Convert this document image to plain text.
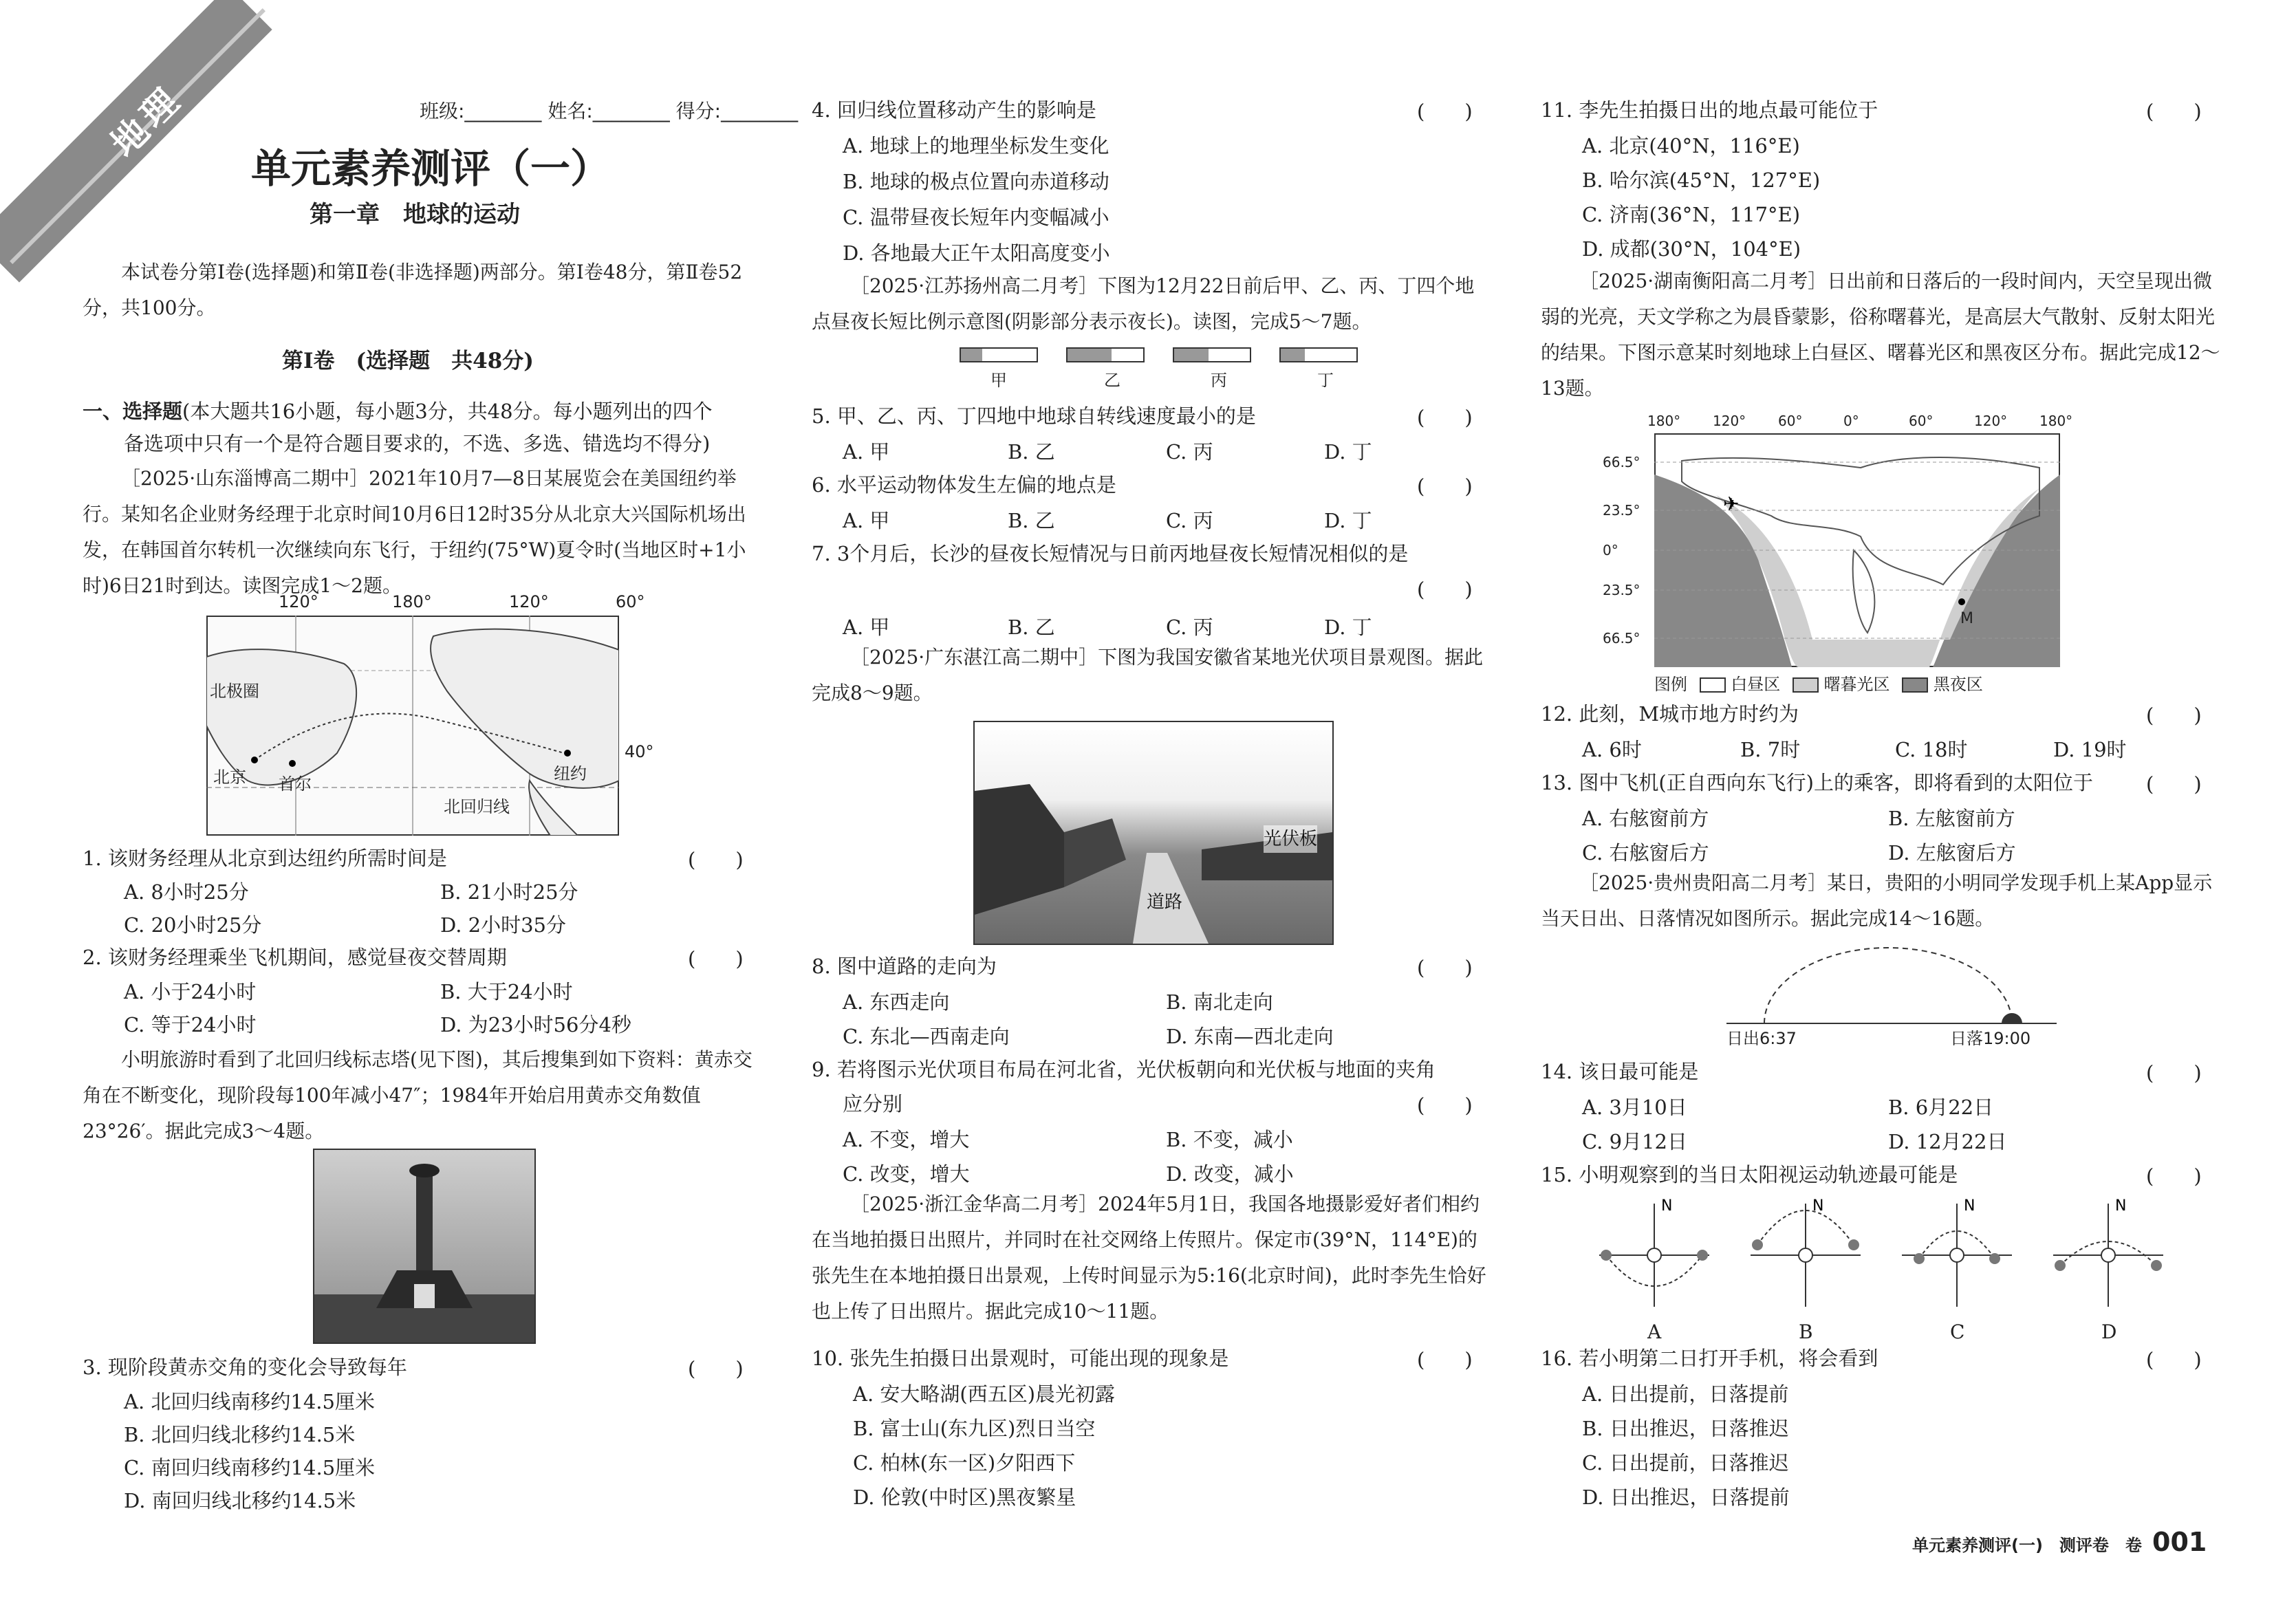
地理	班级:________ 姓名:________ 得分:________
单元素养测评（一）
第一章　地球的运动
本试卷分第Ⅰ卷(选择题)和第Ⅱ卷(非选择题)两部分。第Ⅰ卷48分，第Ⅱ卷52分，共100分。
第Ⅰ卷　(选择题　共48分)
一、选择题(本大题共16小题，每小题3分，共48分。每小题列出的四个
备选项中只有一个是符合题目要求的，不选、多选、错选均不得分)
［2025·山东淄博高二期中］2021年10月7—8日某展览会在美国纽约举行。某知名企业财务经理于北京时间10月6日12时35分从北京大兴国际机场出发，在韩国首尔转机一次继续向东飞行，于纽约(75°W)夏令时(当地区时+1小时)6日21时到达。读图完成1～2题。
120°	180°	120°	60°
北极圈
北京 首尔
纽约
北回归线
40°
1. 该财务经理从北京到达纽约所需时间是	(　　)
A. 8小时25分	B. 21小时25分
C. 20小时25分	D. 2小时35分
2. 该财务经理乘坐飞机期间，感觉昼夜交替周期	(　　)
A. 小于24小时	B. 大于24小时
C. 等于24小时	D. 为23小时56分4秒
小明旅游时看到了北回归线标志塔(见下图)，其后搜集到如下资料：黄赤交角在不断变化，现阶段每100年减小47″；1984年开始启用黄赤交角数值23°26′。据此完成3～4题。
3. 现阶段黄赤交角的变化会导致每年	(　　)
A. 北回归线南移约14.5厘米
B. 北回归线北移约14.5米
C. 南回归线南移约14.5厘米
D. 南回归线北移约14.5米
4. 回归线位置移动产生的影响是	(　　)
A. 地球上的地理坐标发生变化
B. 地球的极点位置向赤道移动
C. 温带昼夜长短年内变幅减小
D. 各地最大正午太阳高度变小
［2025·江苏扬州高二月考］下图为12月22日前后甲、乙、丙、丁四个地点昼夜长短比例示意图(阴影部分表示夜长)。读图，完成5～7题。
甲	乙	丙	丁
5. 甲、乙、丙、丁四地中地球自转线速度最小的是	(　　)
A. 甲	B. 乙	C. 丙	D. 丁
6. 水平运动物体发生左偏的地点是	(　　)
A. 甲	B. 乙	C. 丙	D. 丁
7. 3个月后，长沙的昼夜长短情况与日前丙地昼夜长短情况相似的是
(　　)
A. 甲	B. 乙	C. 丙	D. 丁
［2025·广东湛江高二期中］下图为我国安徽省某地光伏项目景观图。据此完成8～9题。
光伏板
道路
8. 图中道路的走向为	(　　)
A. 东西走向	B. 南北走向
C. 东北—西南走向	D. 东南—西北走向
9. 若将图示光伏项目布局在河北省，光伏板朝向和光伏板与地面的夹角
应分别	(　　)
A. 不变，增大	B. 不变，减小
C. 改变，增大	D. 改变，减小
［2025·浙江金华高二月考］2024年5月1日，我国各地摄影爱好者们相约在当地拍摄日出照片，并同时在社交网络上传照片。保定市(39°N，114°E)的张先生在本地拍摄日出景观，上传时间显示为5:16(北京时间)，此时李先生恰好也上传了日出照片。据此完成10～11题。
10. 张先生拍摄日出景观时，可能出现的现象是	(　　)
A. 安大略湖(西五区)晨光初露
B. 富士山(东九区)烈日当空
C. 柏林(东一区)夕阳西下
D. 伦敦(中时区)黑夜繁星
11. 李先生拍摄日出的地点最可能位于	(　　)
A. 北京(40°N，116°E)
B. 哈尔滨(45°N，127°E)
C. 济南(36°N，117°E)
D. 成都(30°N，104°E)
［2025·湖南衡阳高二月考］日出前和日落后的一段时间内，天空呈现出微弱的光亮，天文学称之为晨昏蒙影，俗称曙暮光，是高层大气散射、反射太阳光的结果。下图示意某时刻地球上白昼区、曙暮光区和黑夜区分布。据此完成12～13题。
180° 120° 60°	0°	60°	120° 180°
66.5°
23.5°
0°
23.5°
66.5°
✈
M
图例	白昼区	曙暮光区	黑夜区
12. 此刻，M城市地方时约为	(　　)
A. 6时	B. 7时	C. 18时	D. 19时
13. 图中飞机(正自西向东飞行)上的乘客，即将看到的太阳位于	(　　)
A. 右舷窗前方	B. 左舷窗前方
C. 右舷窗后方	D. 左舷窗后方
［2025·贵州贵阳高二月考］某日，贵阳的小明同学发现手机上某App显示当天日出、日落情况如图所示。据此完成14～16题。
日出6:37	日落19:00
14. 该日最可能是	(　　)
A. 3月10日	B. 6月22日
C. 9月12日	D. 12月22日
15. 小明观察到的当日太阳视运动轨迹最可能是	(　　)
N
A
N
B
N
C
N
D
16. 若小明第二日打开手机，将会看到	(　　)
A. 日出提前，日落提前
B. 日出推迟，日落推迟
C. 日出提前，日落推迟
D. 日出推迟，日落提前
单元素养测评(一)　测评卷　卷 001
